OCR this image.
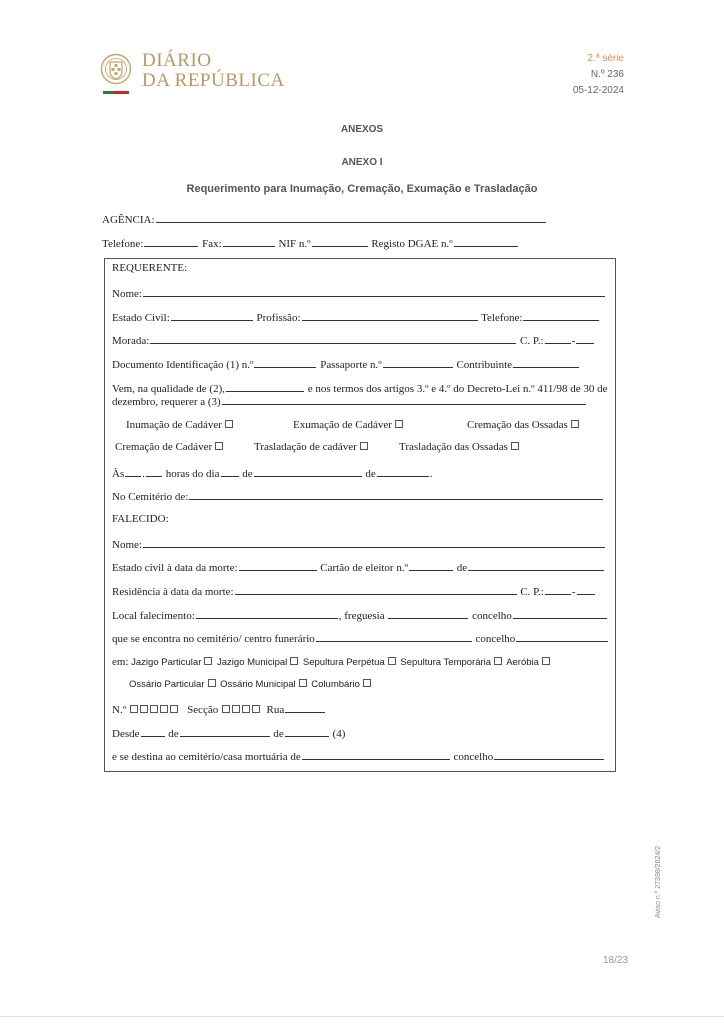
DIÁRIO
DA REPÚBLICA
2.ª série
N.º 236
05-12-2024
ANEXOS
ANEXO I
Requerimento para Inumação, Cremação, Exumação e Trasladação
AGÊNCIA:
Telefone:	Fax:	NIF n.º	Registo DGAE n.º
REQUERENTE:
Nome:
Estado Civil:	Profissão:	Telefone:
Morada:	C. P.:	-
Documento Identificação (1) n.º	Passaporte n.º	Contribuinte
Vem, na qualidade de (2),	e nos termos dos artigos 3.º e 4.º do Decreto-Lei n.º 411/98 de 30 de
dezembro, requerer a (3)
Inumação de Cadáver	Exumação de Cadáver	Cremação das Ossadas
Cremação de Cadáver	Trasladação de cadáver	Trasladação das Ossadas
Às . horas do dia de	de	.
No Cemitério de:
FALECIDO:
Nome:
Estado civil à data da morte:	Cartão de eleitor n.º	de
Residência à data da morte:	C. P.:	-
Local falecimento:	, freguesia	concelho
que se encontra no cemitério/ centro funerário	concelho
em: Jazigo Particular Jazigo Municipal Sepultura Perpétua Sepultura Temporária Aeróbia
Ossário Particular Ossário Municipal Columbário
N.º	Secção	Rua
Desde	de	de	(4)
e se destina ao cemitério/casa mortuária de	concelho
Aviso n.º 27398/2024/2
18/23
